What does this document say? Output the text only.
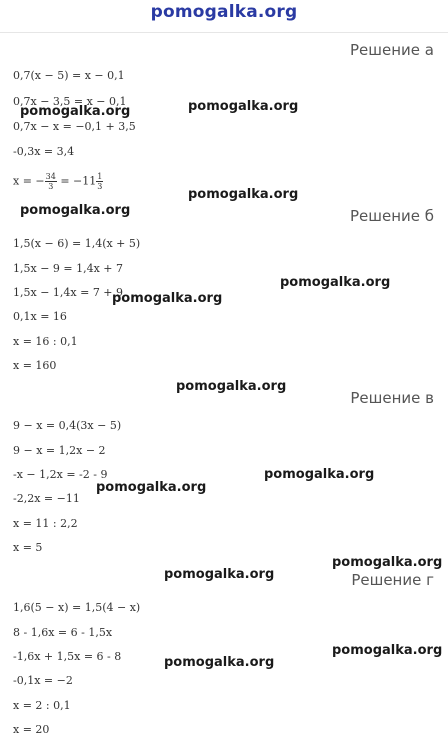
pomogalka.org
Решение а
0,7(x − 5) = x − 0,1
0,7x − 3,5 = x − 0,1
0,7x − x = −0,1 + 3,5
-0,3x = 3,4
x = − $\frac{34}{3} = -11 \frac{1}{3}$
Решение б
1,5(x − 6) = 1,4(x + 5)
1,5x − 9 = 1,4x + 7
1,5x − 1,4x = 7 + 9
0,1x = 16
x = 16 : 0,1
x = 160
Решение в
9 − x = 0,4(3x − 5)
9 − x = 1,2x − 2
-x − 1,2x = -2 - 9
-2,2x = −11
x = 11 : 2,2
x = 5
Решение г
1,6(5 − x) = 1,5(4 − x)
8 - 1,6x = 6 - 1,5x
-1,6x + 1,5x = 6 - 8
-0,1x = −2
x = 2 : 0,1
x = 20
pomogalka.org	pomogalka.org
pomogalka.org
pomogalka.org
pomogalka.org
pomogalka.org
pomogalka.org
pomogalka.org
pomogalka.org
pomogalka.org
pomogalka.org
pomogalka.org
pomogalka.org
